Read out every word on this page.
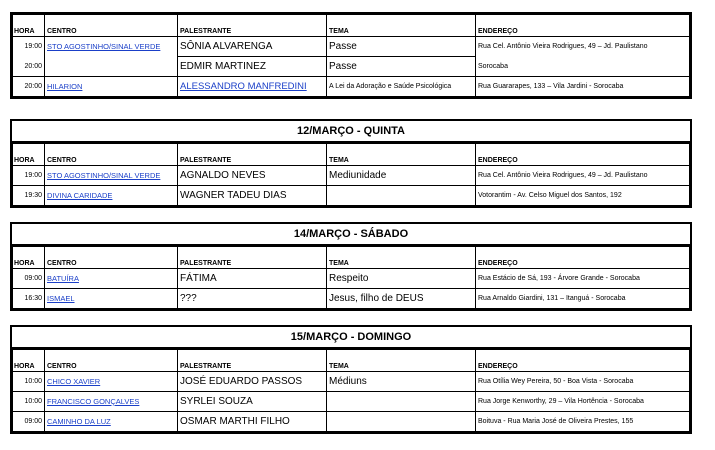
HORA	CENTRO	PALESTRANTE	TEMA	ENDEREÇO
19:00	STO AGOSTINHO/SINAL VERDE	SÔNIA ALVARENGA	Passe	Rua Cel. Antônio Vieira Rodrigues, 49 – Jd. Paulistano
20:00		EDMIR MARTINEZ	Passe	Sorocaba
20:00	HILARION	ALESSANDRO MANFREDINI	A Lei da Adoração e Saúde Psicológica	Rua Guararapes, 133 – Vila Jardini - Sorocaba
12/MARÇO - QUINTA
HORA	CENTRO	PALESTRANTE	TEMA	ENDEREÇO
19:00	STO AGOSTINHO/SINAL VERDE	AGNALDO NEVES	Mediunidade	Rua Cel. Antônio Vieira Rodrigues, 49 – Jd. Paulistano
19:30	DIVINA CARIDADE	WAGNER TADEU DIAS		Votorantim - Av. Celso Miguel dos Santos, 192
14/MARÇO - SÁBADO
HORA	CENTRO	PALESTRANTE	TEMA	ENDEREÇO
09:00	BATUÍRA	FÁTIMA	Respeito	Rua Estácio de Sá, 193 - Árvore Grande - Sorocaba
16:30	ISMAEL	???	Jesus, filho de DEUS	Rua Arnaldo Giardini, 131 – Itanguá - Sorocaba
15/MARÇO - DOMINGO
HORA	CENTRO	PALESTRANTE	TEMA	ENDEREÇO
10:00	CHICO XAVIER	JOSÉ EDUARDO PASSOS	Médiuns	Rua Otília Wey Pereira, 50 - Boa Vista - Sorocaba
10:00	FRANCISCO GONÇALVES	SYRLEI SOUZA		Rua Jorge Kenworthy, 29 – Vila Hortência - Sorocaba
09:00	CAMINHO DA LUZ	OSMAR MARTHI FILHO		Boituva - Rua Maria José de Oliveira Prestes, 155
